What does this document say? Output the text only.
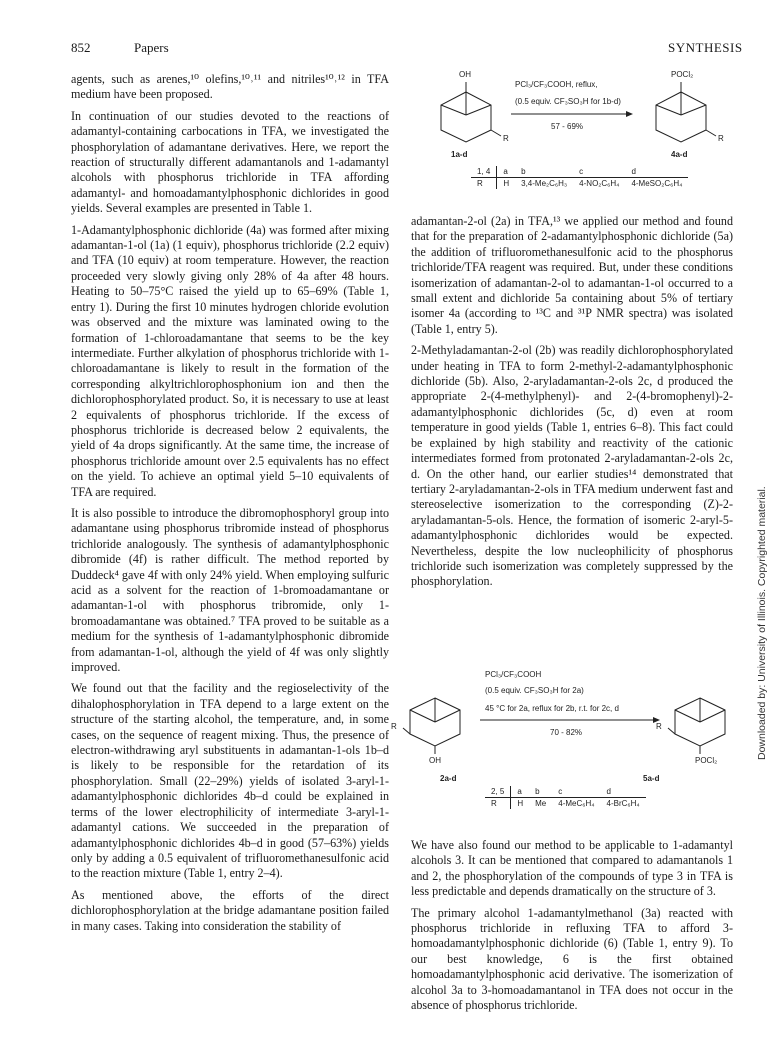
852	Papers	SYNTHESIS

agents, such as arenes,¹⁰ olefins,¹⁰˒¹¹ and nitriles¹⁰˒¹² in TFA medium have been proposed.

In continuation of our studies devoted to the reactions of adamantyl-containing carbocations in TFA, we investigated the phosphorylation of adamantane derivatives. Here, we report the reaction of structurally different adamantanols and 1-adamantyl alcohols with phosphorus trichloride in TFA affording adamantyl- and homoadamantylphosphonic dichlorides in good yields. Several examples are presented in Table 1.

1-Adamantylphosphonic dichloride (4a) was formed after mixing adamantan-1-ol (1a) (1 equiv), phosphorus trichloride (2.2 equiv) and TFA (10 equiv) at room temperature. However, the reaction proceeded very slowly giving only 28% of 4a after 48 hours. Heating to 50–75°C raised the yield up to 65–69% (Table 1, entry 1). During the first 10 minutes hydrogen chloride evolution was observed and the mixture was laminated owing to the formation of 1-chloroadamantane that seems to be the key intermediate. Further alkylation of phosphorus trichloride with 1-chloroadamantane is likely to result in the formation of the corresponding alkyltrichlorophosphonium ion and then the dichlorophosphorylated product. So, it is necessary to use at least 2 equivalents of phosphorus trichloride. If the excess of phosphorus trichloride is decreased below 2 equivalents, the yield of 4a drops significantly. At the same time, the increase of phosphorus trichloride amount over 2.5 equivalents has no effect on the yield. To achieve an optimal yield 5–10 equivalents of TFA are required.

It is also possible to introduce the dibromophosphoryl group into adamantane using phosphorus tribromide instead of phosphorus trichloride analogously. The synthesis of adamantylphosphonic dibromide (4f) is rather difficult. The method reported by Duddeck⁴ gave 4f with only 24% yield. When employing sulfuric acid as a solvent for the reaction of 1-bromoadamantane or adamantan-1-ol with phosphorus tribromide, only 1-bromoadamantane was obtained.⁷ TFA proved to be suitable as a medium for the synthesis of 1-adamantylphosphonic dibromide from adamantan-1-ol, although the yield of 4f was only slightly improved.

We found out that the facility and the regioselectivity of the dihalophosphorylation in TFA depend to a large extent on the structure of the starting alcohol, the temperature, and, in some cases, on the sequence of reagent mixing. Thus, the presence of electron-withdrawing aryl substituents in adamantan-1-ols 1b–d is likely to be responsible for the retardation of its phosphorylation. Small (22–29%) yields of isolated 3-aryl-1-adamantylphosphonic dichlorides 4b–d could be explained in terms of the lower electrophilicity of intermediate 3-aryl-1-adamantyl cations. We succeeded in the preparation of adamantylphosphonic dichlorides 4b–d in good (57–63%) yields only by adding a 0.5 equivalent of trifluoromethanesulfonic acid to the reaction mixture (Table 1, entry 2–4).

As mentioned above, the efforts of the direct dichlorophosphorylation at the bridge adamantane position failed in many cases. Taking into consideration the stability of

OH
R
PCl₃/CF₃COOH, reflux,
(0.5 equiv. CF₃SO₃H for 1b-d)
57 - 69%
POCl₂
R
1a-d	4a-d
1, 4	a	b	c	d
R	H	3,4-Me₂C₆H₃	4-NO₂C₆H₄	4-MeSO₂C₆H₄

adamantan-2-ol (2a) in TFA,¹³ we applied our method and found that for the preparation of 2-adamantylphosphonic dichloride (5a) the addition of trifluoromethanesulfonic acid to the phosphorus trichloride/TFA reagent was required. But, under these conditions isomerization of adamantan-2-ol to adamantan-1-ol occurred to a small extent and dichloride 5a containing about 5% of tertiary isomer 4a (according to ¹³C and ³¹P NMR spectra) was isolated (Table 1, entry 5).

2-Methyladamantan-2-ol (2b) was readily dichlorophosphorylated under heating in TFA to form 2-methyl-2-adamantylphosphonic dichloride (5b). Also, 2-aryladamantan-2-ols 2c, d produced the appropriate 2-(4-methylphenyl)- and 2-(4-bromophenyl)-2-adamantylphosphonic dichlorides (5c, d) even at room temperature in good yields (Table 1, entries 6–8). This fact could be explained by high stability and reactivity of the cationic intermediates formed from protonated 2-aryladamantan-2-ols 2c, d. On the other hand, our earlier studies¹⁴ demonstrated that tertiary 2-aryladamantan-2-ols in TFA medium underwent fast and stereoselective isomerization to the corresponding (Z)-2-aryladamantan-5-ols. Hence, the formation of isomeric 2-aryl-5-adamantylphosphonic dichlorides would be expected. Nevertheless, despite the low nucleophilicity of phosphorus trichloride such isomerization was completely suppressed by the phosphorylation.

R
OH
PCl₃/CF₃COOH
(0.5 equiv. CF₃SO₃H for 2a)
45 °C for 2a, reflux for 2b, r.t. for 2c, d
70 - 82%
R
POCl₂
2a-d	5a-d
2, 5	a	b	c	d
R	H	Me	4-MeC₆H₄	4-BrC₆H₄

We have also found our method to be applicable to 1-adamantyl alcohols 3. It can be mentioned that compared to adamantanols 1 and 2, the phosphorylation of the compounds of type 3 in TFA is less predictable and depends dramatically on the structure of 3.

The primary alcohol 1-adamantylmethanol (3a) reacted with phosphorus trichloride in refluxing TFA to afford 3-homoadamantylphosphonic dichloride (6) (Table 1, entry 9). To our best knowledge, 6 is the first obtained homoadamantylphosphonic acid derivative. The isomerization of alcohol 3a to 3-homoadamantanol in TFA does not occur in the absence of phosphorus trichloride.

Downloaded by: University of Illinois. Copyrighted material.
